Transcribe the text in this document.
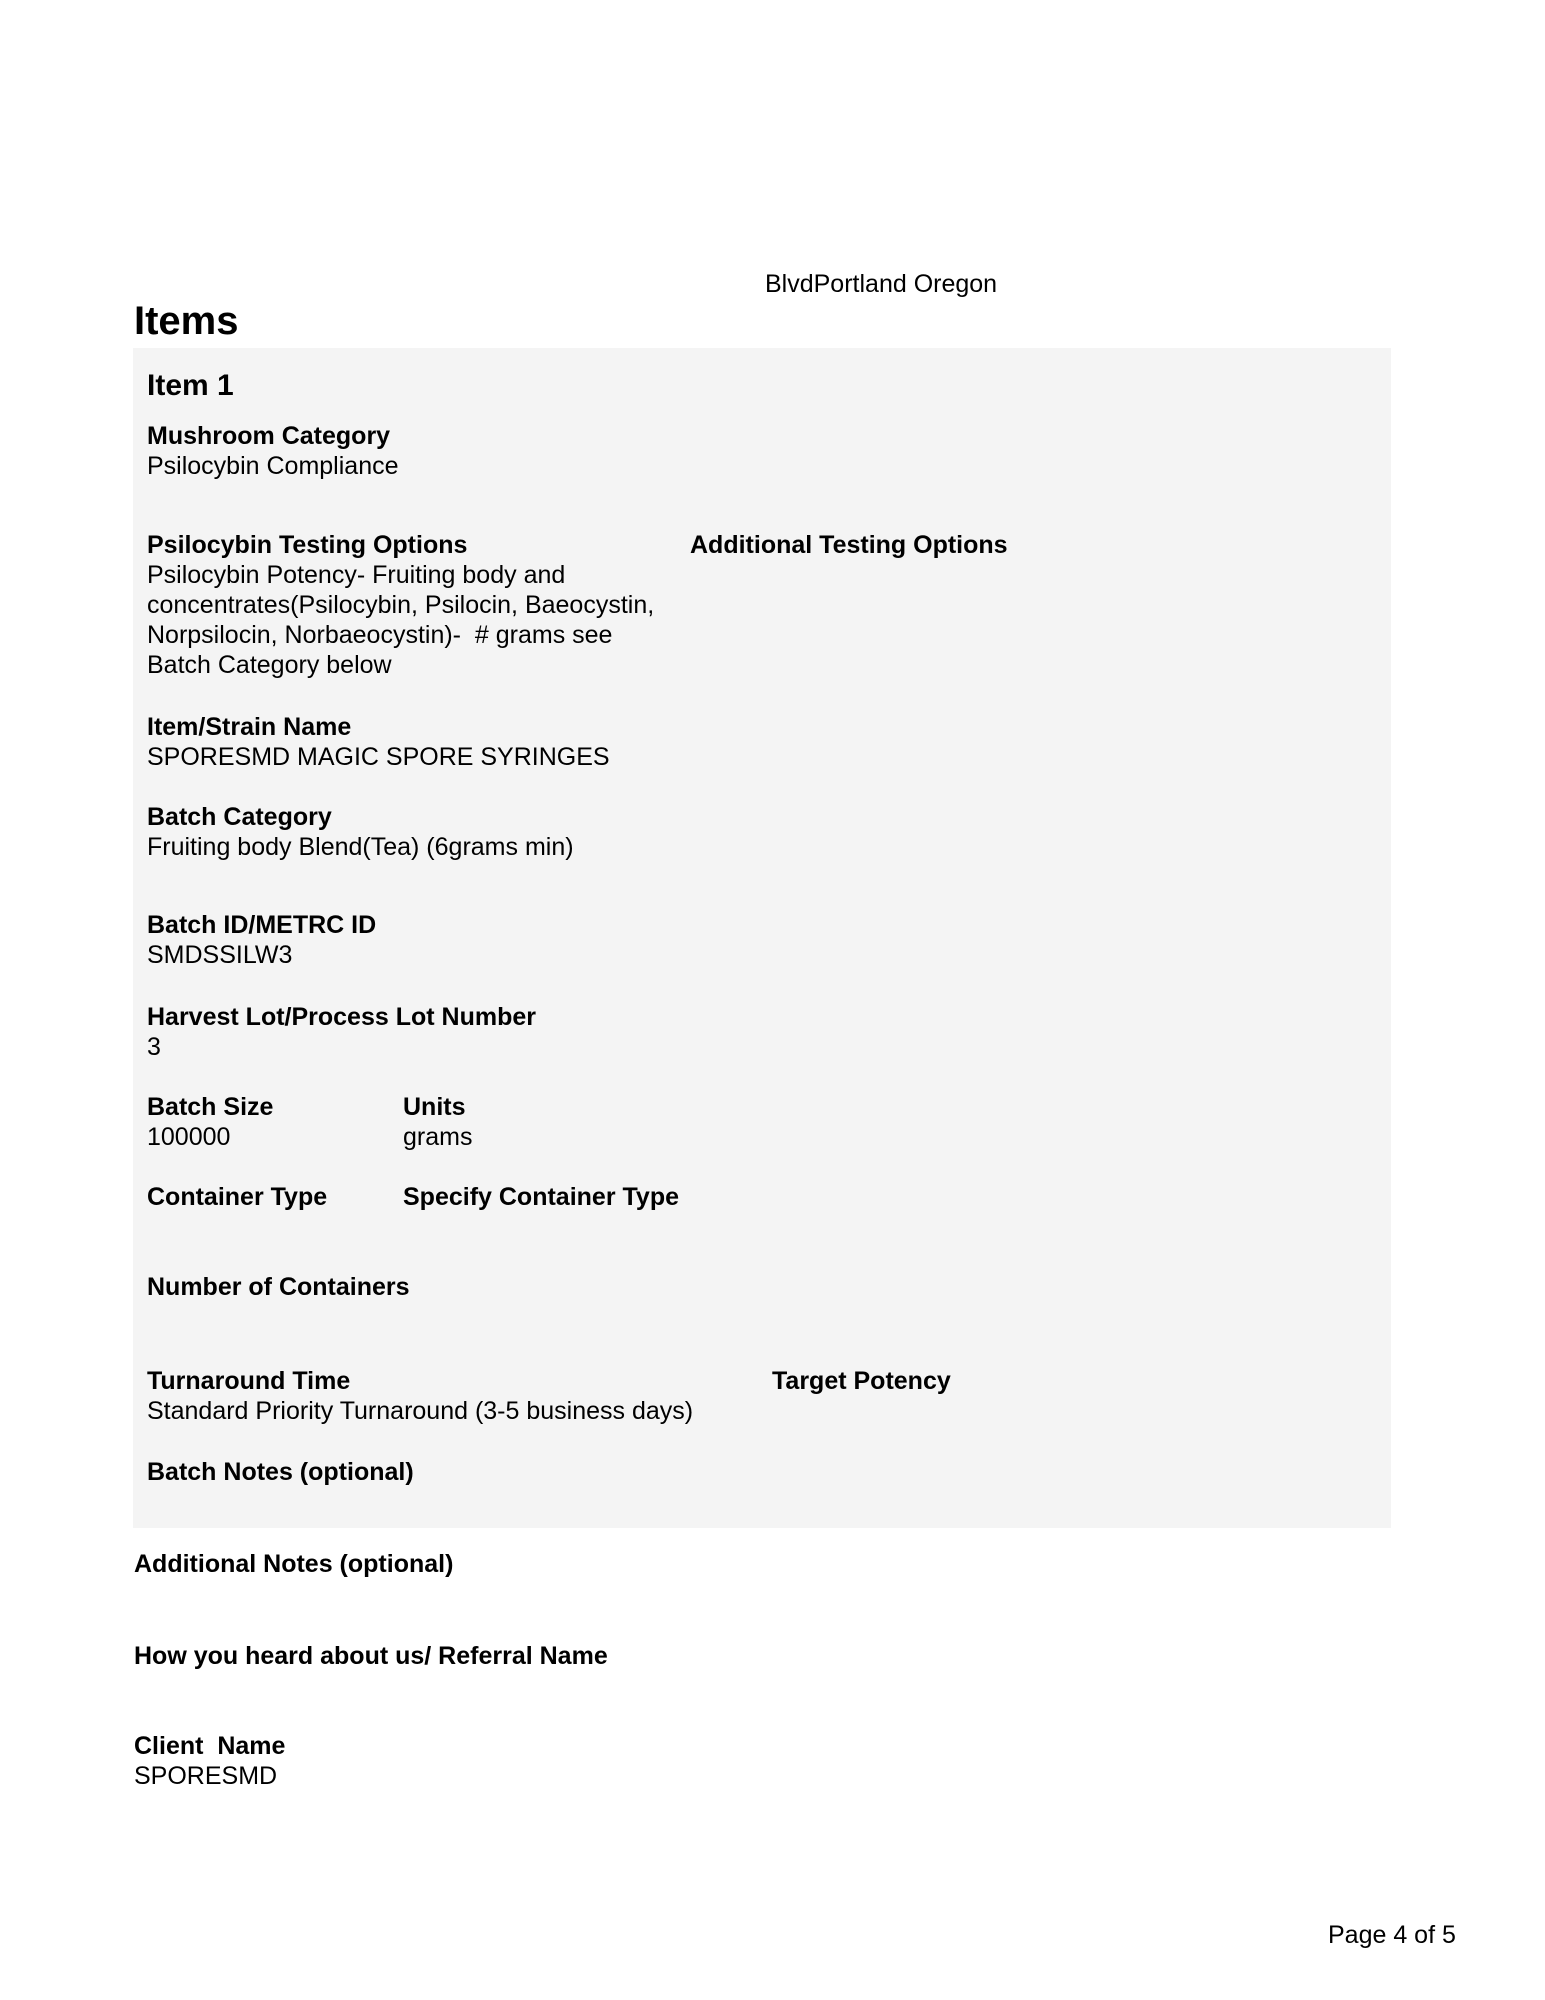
BlvdPortland Oregon

Items
Item 1
Mushroom Category
Psilocybin Compliance
Psilocybin Testing Options
Psilocybin Potency- Fruiting body and concentrates(Psilocybin, Psilocin, Baeocystin, Norpsilocin, Norbaeocystin)-  # grams see Batch Category below
Additional Testing Options
Item/Strain Name
SPORESMD MAGIC SPORE SYRINGES
Batch Category
Fruiting body Blend(Tea) (6grams min)
Batch ID/METRC ID
SMDSSILW3
Harvest Lot/Process Lot Number
3
Batch Size
100000
Units
grams
Container Type	Specify Container Type
Number of Containers
Turnaround Time
Standard Priority Turnaround (3-5 business days)
Target Potency
Batch Notes (optional)
Additional Notes (optional)
How you heard about us/ Referral Name
Client  Name
SPORESMD
Page 4 of 5
